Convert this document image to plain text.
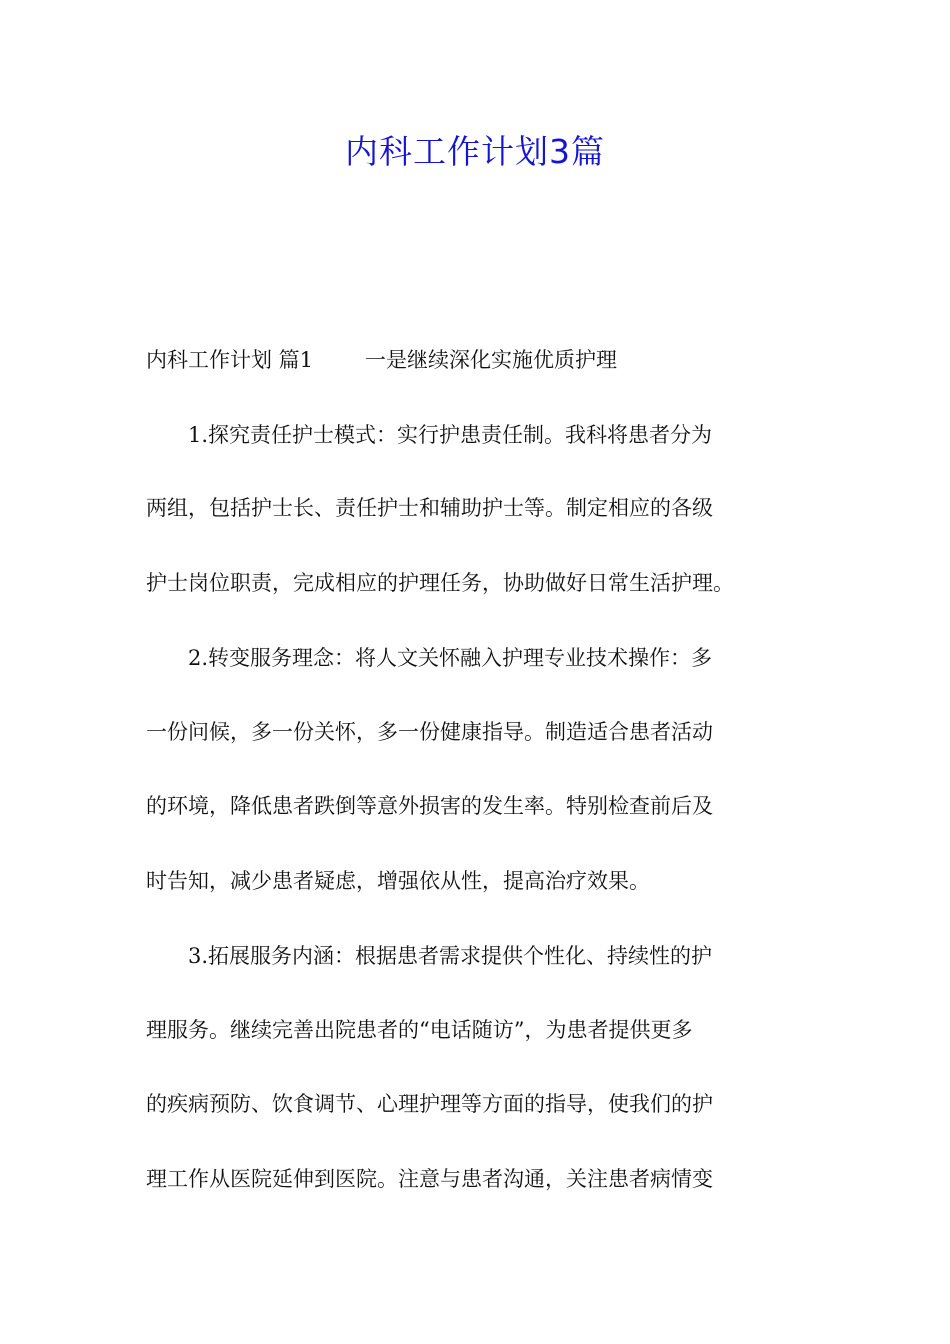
内科工作计划3篇
内科工作计划 篇1 一是继续深化实施优质护理
1.探究责任护士模式：实行护患责任制。我科将患者分为
两组，包括护士长、责任护士和辅助护士等。制定相应的各级
护士岗位职责，完成相应的护理任务，协助做好日常生活护理。
2.转变服务理念：将人文关怀融入护理专业技术操作：多
一份问候，多一份关怀，多一份健康指导。制造适合患者活动
的环境，降低患者跌倒等意外损害的发生率。特别检查前后及
时告知，减少患者疑虑，增强依从性，提高治疗效果。
3.拓展服务内涵：根据患者需求提供个性化、持续性的护
理服务。继续完善出院患者的“电话随访”，为患者提供更多
的疾病预防、饮食调节、心理护理等方面的指导，使我们的护
理工作从医院延伸到医院。注意与患者沟通，关注患者病情变
